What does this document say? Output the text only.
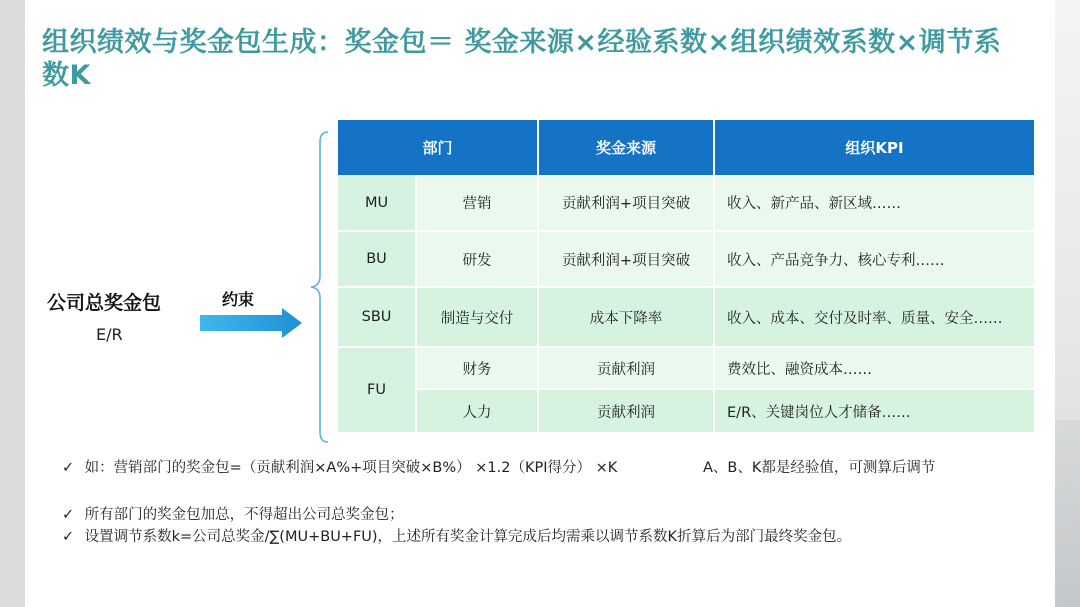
组织绩效与奖金包生成：奖金包＝ 奖金来源×经验系数×组织绩效系数×调节系数K
公司总奖金包
E/R
约束
部门		奖金来源	组织KPI
MU	营销	贡献利润+项目突破	收入、新产品、新区域……
BU	研发	贡献利润+项目突破	收入、产品竞争力、核心专利……
SBU	制造与交付	成本下降率	收入、成本、交付及时率、质量、安全……
FU	财务	贡献利润	费效比、融资成本……
	人力	贡献利润	E/R、关键岗位人才储备……
✓ 如：营销部门的奖金包=（贡献利润×A%+项目突破×B%） ×1.2（KPI得分） ×K	A、B、K都是经验值，可测算后调节
✓ 所有部门的奖金包加总，不得超出公司总奖金包；
✓ 设置调节系数k=公司总奖金/∑(MU+BU+FU)，上述所有奖金计算完成后均需乘以调节系数K折算后为部门最终奖金包。
